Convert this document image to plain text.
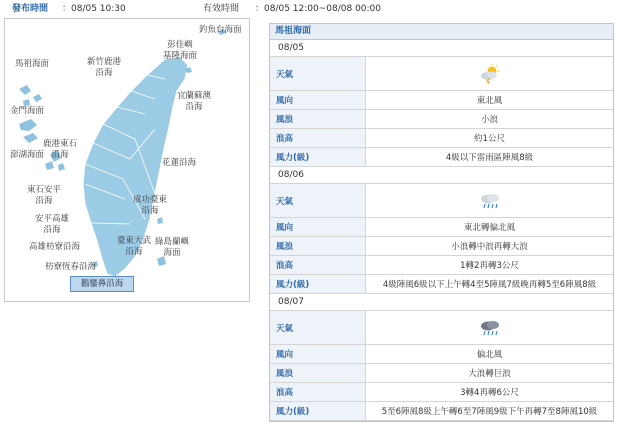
發布時間 ：08/05 10:30	有效時間 ：08/05 12:00~08/08 00:00
釣魚台海面
彭佳嶼
基隆海面
馬祖海面	新竹鹿港
沿海
宜蘭蘇澳
沿海
金門海面
鹿港東石
沿海
澎湖海面
花蓮沿海
東石安平
沿海
安平高雄
沿海
成功臺東
沿海
高雄枋寮沿海
臺東大武
沿海
綠島蘭嶼
海面
枋寮恆春沿海
鵝鑾鼻沿海
馬祖海面
08/05
天氣
風向	東北風
風浪	小浪
浪高	約1公尺
風力(級)	4級以下雷雨區陣風8級
08/06
天氣
風向	東北轉偏北風
風浪	小浪轉中浪再轉大浪
浪高	1轉2再轉3公尺
風力(級)	4級陣風6級以下上午轉4至5陣風7級晚再轉5至6陣風8級
08/07
天氣
風向	偏北風
風浪	大浪轉巨浪
浪高	3轉4再轉6公尺
風力(級)	5至6陣風8級上午轉6至7陣風9級下午再轉7至8陣風10級
